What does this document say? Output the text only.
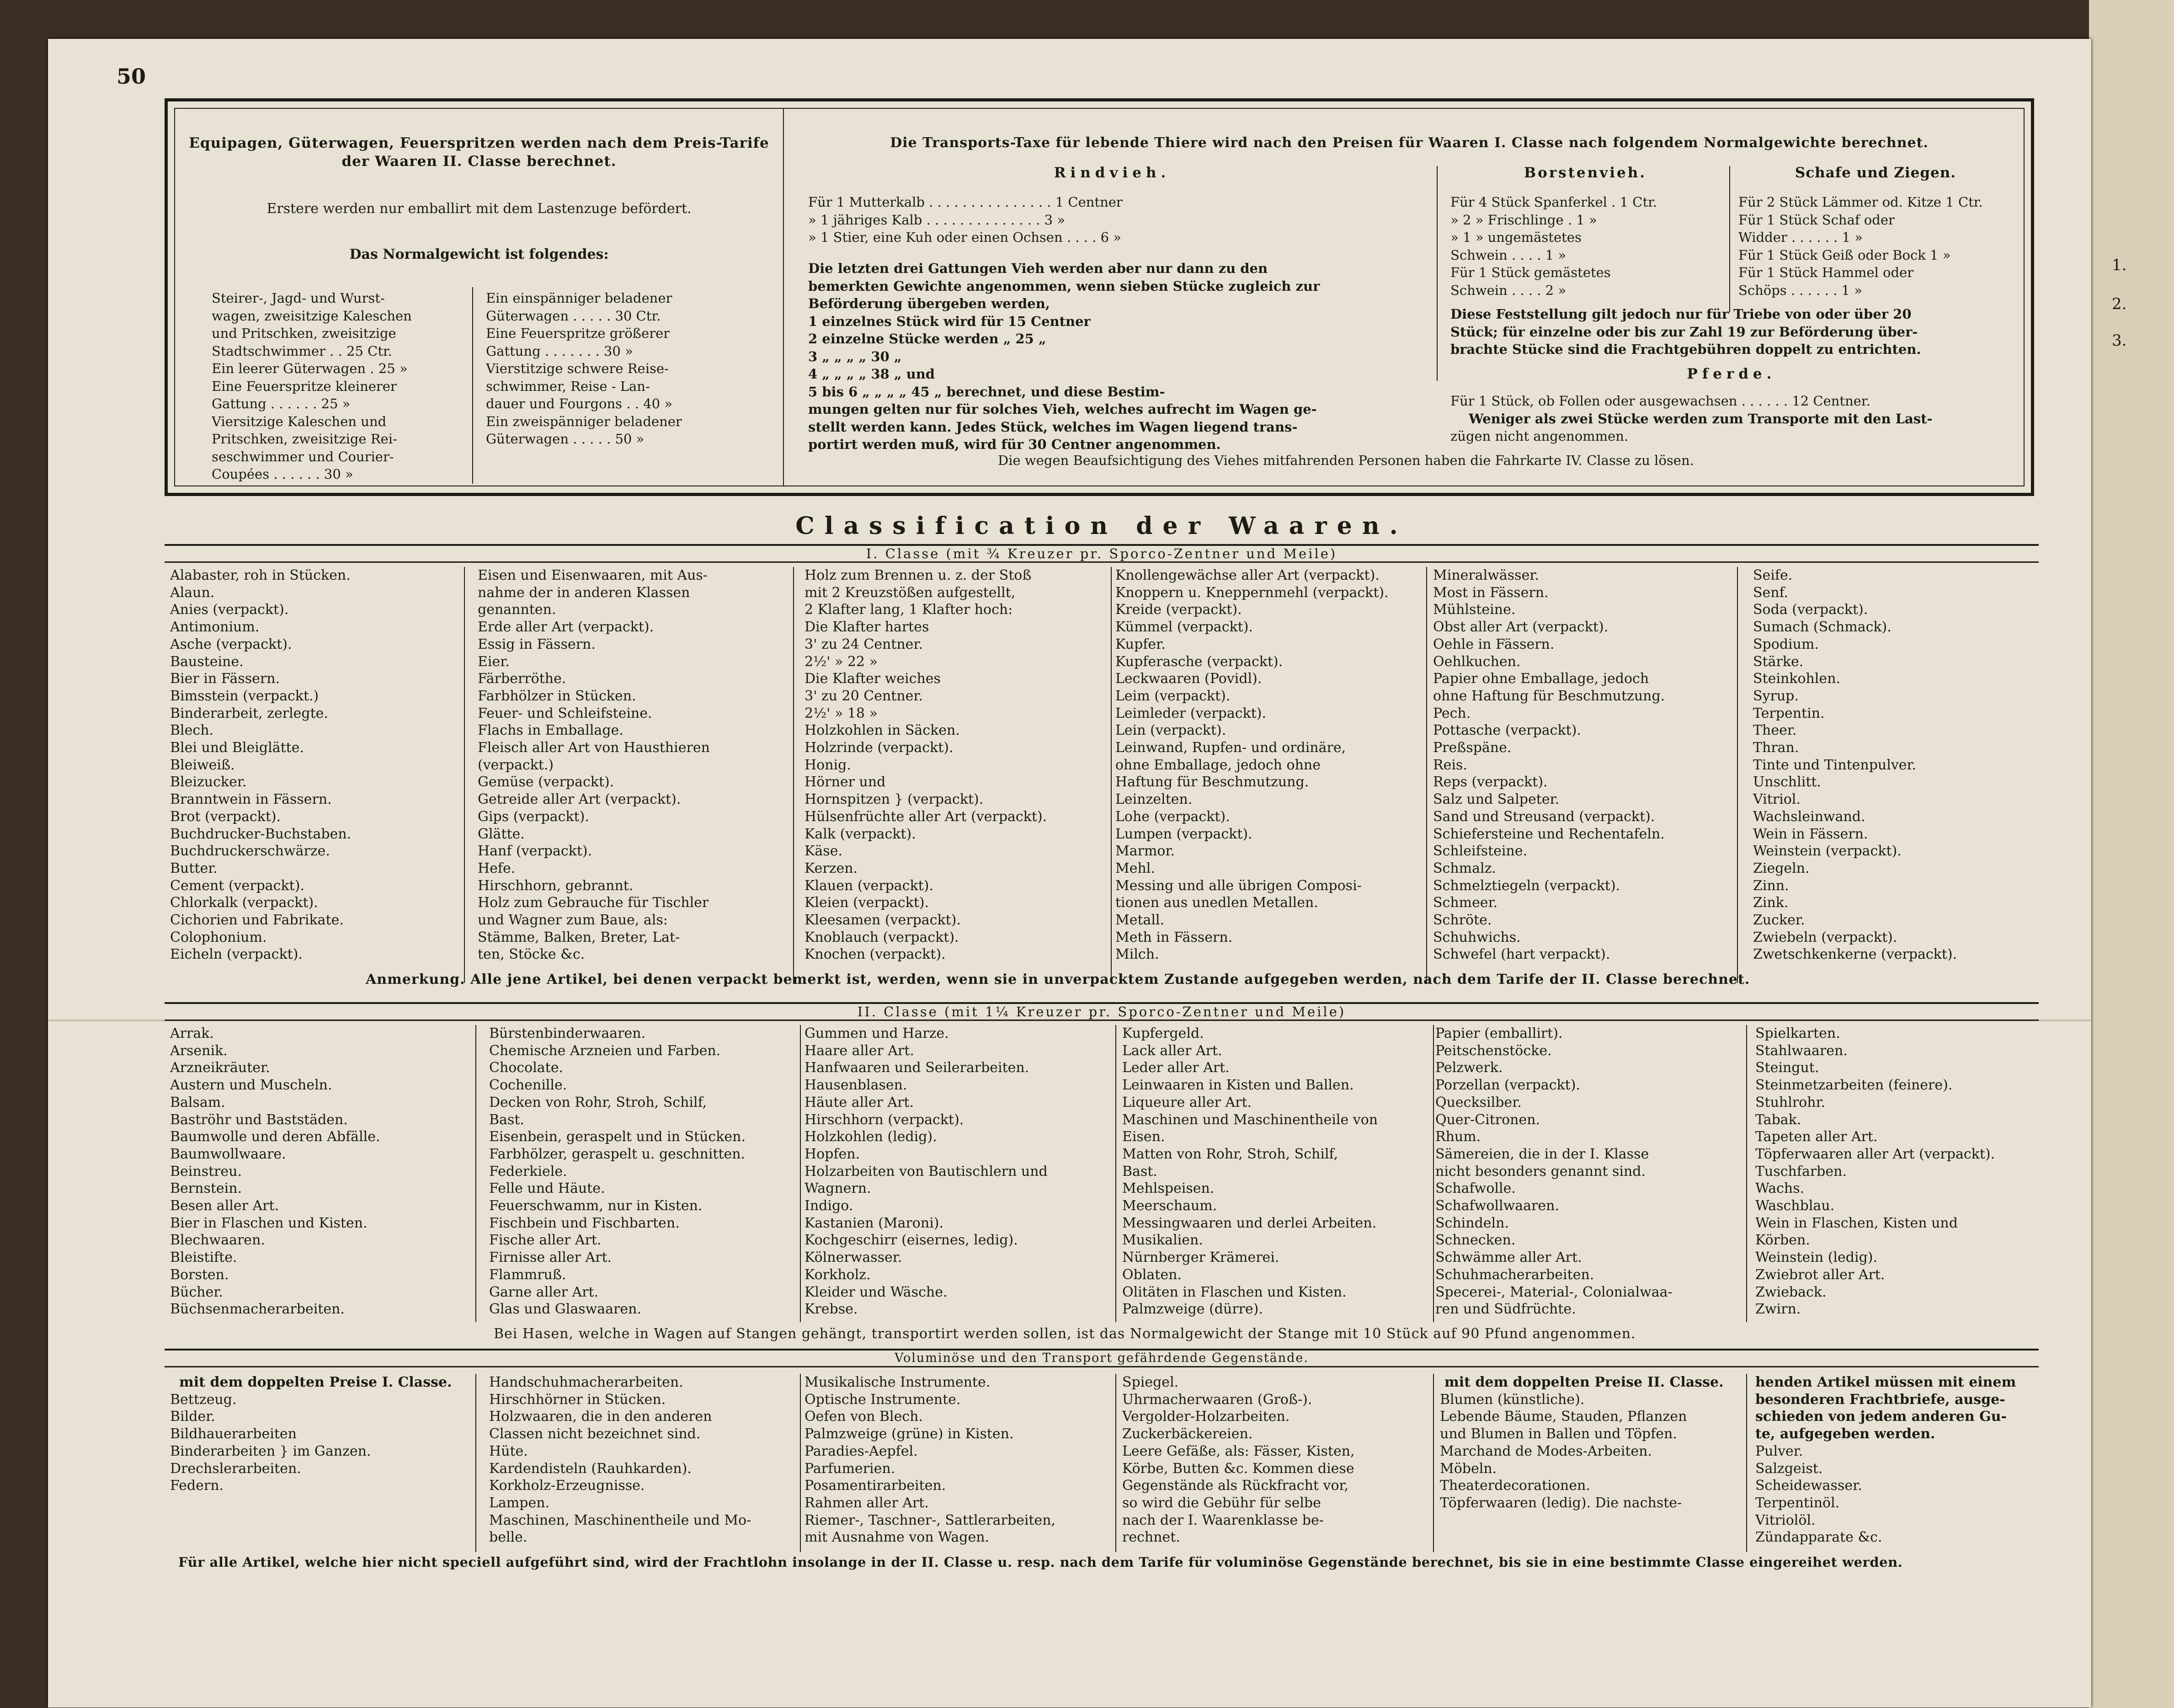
1.
2.
3.
50
Equipagen, Güterwagen, Feuerspritzen werden nach dem Preis-Tarife der Waaren II. Classe berechnet.
Erstere werden nur emballirt mit dem Lastenzuge befördert.
Das Normalgewicht ist folgendes:
Steirer-, Jagd- und Wurst-
wagen, zweisitzige Kaleschen
und Pritschken, zweisitzige
Stadtschwimmer . . 25 Ctr.
Ein leerer Güterwagen . 25 »
Eine Feuerspritze kleinerer
Gattung . . . . . . 25 »
Viersitzige Kaleschen und
Pritschken, zweisitzige Rei-
seschwimmer und Courier-
Coupées . . . . . . 30 »
Ein einspänniger beladener
Güterwagen . . . . . 30 Ctr.
Eine Feuerspritze größerer
Gattung . . . . . . . 30 »
Vierstitzige schwere Reise-
schwimmer, Reise - Lan-
dauer und Fourgons . . 40 »
Ein zweispänniger beladener
Güterwagen . . . . . 50 »
Die Transports-Taxe für lebende Thiere wird nach den Preisen für Waaren I. Classe nach folgendem Normalgewichte berechnet.
Rindvieh.
Für 1 Mutterkalb . . . . . . . . . . . . . . . 1 Centner
» 1 jähriges Kalb . . . . . . . . . . . . . . 3 »
» 1 Stier, eine Kuh oder einen Ochsen . . . . 6 »
Die letzten drei Gattungen Vieh werden aber nur dann zu den
bemerkten Gewichte angenommen, wenn sieben Stücke zugleich zur
Beförderung übergeben werden,
1 einzelnes Stück wird für 15 Centner
2 einzelne Stücke werden „ 25 „
3 „ „ „ „ 30 „
4 „ „ „ „ 38 „ und
5 bis 6 „ „ „ „ 45 „ berechnet, und diese Bestim-
mungen gelten nur für solches Vieh, welches aufrecht im Wagen ge-
stellt werden kann. Jedes Stück, welches im Wagen liegend trans-
portirt werden muß, wird für 30 Centner angenommen.
Borstenvieh.
Für 4 Stück Spanferkel . 1 Ctr.
» 2 » Frischlinge . 1 »
» 1 » ungemästetes
Schwein . . . . 1 »
Für 1 Stück gemästetes
Schwein . . . . 2 »
Schafe und Ziegen.
Für 2 Stück Lämmer od. Kitze 1 Ctr.
Für 1 Stück Schaf oder
Widder . . . . . . 1 »
Für 1 Stück Geiß oder Bock 1 »
Für 1 Stück Hammel oder
Schöps . . . . . . 1 »
Diese Feststellung gilt jedoch nur für Triebe von oder über 20
Stück; für einzelne oder bis zur Zahl 19 zur Beförderung über-
brachte Stücke sind die Frachtgebühren doppelt zu entrichten.
Pferde.
Für 1 Stück, ob Follen oder ausgewachsen . . . . . . 12 Centner.
Weniger als zwei Stücke werden zum Transporte mit den Last-
zügen nicht angenommen.
Die wegen Beaufsichtigung des Viehes mitfahrenden Personen haben die Fahrkarte IV. Classe zu lösen.
Classification der Waaren.
I. Classe (mit ¾ Kreuzer pr. Sporco-Zentner und Meile)
Alabaster, roh in Stücken.
Alaun.
Anies (verpackt).
Antimonium.
Asche (verpackt).
Bausteine.
Bier in Fässern.
Bimsstein (verpackt.)
Binderarbeit, zerlegte.
Blech.
Blei und Bleiglätte.
Bleiweiß.
Bleizucker.
Branntwein in Fässern.
Brot (verpackt).
Buchdrucker-Buchstaben.
Buchdruckerschwärze.
Butter.
Cement (verpackt).
Chlorkalk (verpackt).
Cichorien und Fabrikate.
Colophonium.
Eicheln (verpackt).
Eisen und Eisenwaaren, mit Aus-
nahme der in anderen Klassen
genannten.
Erde aller Art (verpackt).
Essig in Fässern.
Eier.
Färberröthe.
Farbhölzer in Stücken.
Feuer- und Schleifsteine.
Flachs in Emballage.
Fleisch aller Art von Hausthieren
(verpackt.)
Gemüse (verpackt).
Getreide aller Art (verpackt).
Gips (verpackt).
Glätte.
Hanf (verpackt).
Hefe.
Hirschhorn, gebrannt.
Holz zum Gebrauche für Tischler
und Wagner zum Baue, als:
Stämme, Balken, Breter, Lat-
ten, Stöcke &c.
Holz zum Brennen u. z. der Stoß
mit 2 Kreuzstößen aufgestellt,
2 Klafter lang, 1 Klafter hoch:
Die Klafter hartes
3' zu 24 Centner.
2½' » 22 »
Die Klafter weiches
3' zu 20 Centner.
2½' » 18 »
Holzkohlen in Säcken.
Holzrinde (verpackt).
Honig.
Hörner und
Hornspitzen } (verpackt).
Hülsenfrüchte aller Art (verpackt).
Kalk (verpackt).
Käse.
Kerzen.
Klauen (verpackt).
Kleien (verpackt).
Kleesamen (verpackt).
Knoblauch (verpackt).
Knochen (verpackt).
Knollengewächse aller Art (verpackt).
Knoppern u. Kneppernmehl (verpackt).
Kreide (verpackt).
Kümmel (verpackt).
Kupfer.
Kupferasche (verpackt).
Leckwaaren (Povidl).
Leim (verpackt).
Leimleder (verpackt).
Lein (verpackt).
Leinwand, Rupfen- und ordinäre,
ohne Emballage, jedoch ohne
Haftung für Beschmutzung.
Leinzelten.
Lohe (verpackt).
Lumpen (verpackt).
Marmor.
Mehl.
Messing und alle übrigen Composi-
tionen aus unedlen Metallen.
Metall.
Meth in Fässern.
Milch.
Mineralwässer.
Most in Fässern.
Mühlsteine.
Obst aller Art (verpackt).
Oehle in Fässern.
Oehlkuchen.
Papier ohne Emballage, jedoch
ohne Haftung für Beschmutzung.
Pech.
Pottasche (verpackt).
Preßspäne.
Reis.
Reps (verpackt).
Salz und Salpeter.
Sand und Streusand (verpackt).
Schiefersteine und Rechentafeln.
Schleifsteine.
Schmalz.
Schmelztiegeln (verpackt).
Schmeer.
Schröte.
Schuhwichs.
Schwefel (hart verpackt).
Seife.
Senf.
Soda (verpackt).
Sumach (Schmack).
Spodium.
Stärke.
Steinkohlen.
Syrup.
Terpentin.
Theer.
Thran.
Tinte und Tintenpulver.
Unschlitt.
Vitriol.
Wachsleinwand.
Wein in Fässern.
Weinstein (verpackt).
Ziegeln.
Zinn.
Zink.
Zucker.
Zwiebeln (verpackt).
Zwetschkenkerne (verpackt).
Anmerkung. Alle jene Artikel, bei denen verpackt bemerkt ist, werden, wenn sie in unverpacktem Zustande aufgegeben werden, nach dem Tarife der II. Classe berechnet.
II. Classe (mit 1¼ Kreuzer pr. Sporco-Zentner und Meile)
Arrak.
Arsenik.
Arzneikräuter.
Austern und Muscheln.
Balsam.
Baströhr und Baststäden.
Baumwolle und deren Abfälle.
Baumwollwaare.
Beinstreu.
Bernstein.
Besen aller Art.
Bier in Flaschen und Kisten.
Blechwaaren.
Bleistifte.
Borsten.
Bücher.
Büchsenmacherarbeiten.
Bürstenbinderwaaren.
Chemische Arzneien und Farben.
Chocolate.
Cochenille.
Decken von Rohr, Stroh, Schilf,
Bast.
Eisenbein, geraspelt und in Stücken.
Farbhölzer, geraspelt u. geschnitten.
Federkiele.
Felle und Häute.
Feuerschwamm, nur in Kisten.
Fischbein und Fischbarten.
Fische aller Art.
Firnisse aller Art.
Flammruß.
Garne aller Art.
Glas und Glaswaaren.
Gummen und Harze.
Haare aller Art.
Hanfwaaren und Seilerarbeiten.
Hausenblasen.
Häute aller Art.
Hirschhorn (verpackt).
Holzkohlen (ledig).
Hopfen.
Holzarbeiten von Bautischlern und
Wagnern.
Indigo.
Kastanien (Maroni).
Kochgeschirr (eisernes, ledig).
Kölnerwasser.
Korkholz.
Kleider und Wäsche.
Krebse.
Kupfergeld.
Lack aller Art.
Leder aller Art.
Leinwaaren in Kisten und Ballen.
Liqueure aller Art.
Maschinen und Maschinentheile von
Eisen.
Matten von Rohr, Stroh, Schilf,
Bast.
Mehlspeisen.
Meerschaum.
Messingwaaren und derlei Arbeiten.
Musikalien.
Nürnberger Krämerei.
Oblaten.
Olitäten in Flaschen und Kisten.
Palmzweige (dürre).
Papier (emballirt).
Peitschenstöcke.
Pelzwerk.
Porzellan (verpackt).
Quecksilber.
Quer-Citronen.
Rhum.
Sämereien, die in der I. Klasse
nicht besonders genannt sind.
Schafwolle.
Schafwollwaaren.
Schindeln.
Schnecken.
Schwämme aller Art.
Schuhmacherarbeiten.
Specerei-, Material-, Colonialwaa-
ren und Südfrüchte.
Spielkarten.
Stahlwaaren.
Steingut.
Steinmetzarbeiten (feinere).
Stuhlrohr.
Tabak.
Tapeten aller Art.
Töpferwaaren aller Art (verpackt).
Tuschfarben.
Wachs.
Waschblau.
Wein in Flaschen, Kisten und
Körben.
Weinstein (ledig).
Zwiebrot aller Art.
Zwieback.
Zwirn.
Bei Hasen, welche in Wagen auf Stangen gehängt, transportirt werden sollen, ist das Normalgewicht der Stange mit 10 Stück auf 90 Pfund angenommen.
Voluminöse und den Transport gefährdende Gegenstände.
mit dem doppelten Preise I. Classe.
Bettzeug.
Bilder.
Bildhauerarbeiten
Binderarbeiten } im Ganzen.
Drechslerarbeiten.
Federn.
Handschuhmacherarbeiten.
Hirschhörner in Stücken.
Holzwaaren, die in den anderen
Classen nicht bezeichnet sind.
Hüte.
Kardendisteln (Rauhkarden).
Korkholz-Erzeugnisse.
Lampen.
Maschinen, Maschinentheile und Mo-
belle.
Musikalische Instrumente.
Optische Instrumente.
Oefen von Blech.
Palmzweige (grüne) in Kisten.
Paradies-Aepfel.
Parfumerien.
Posamentirarbeiten.
Rahmen aller Art.
Riemer-, Taschner-, Sattlerarbeiten,
mit Ausnahme von Wagen.
Spiegel.
Uhrmacherwaaren (Groß-).
Vergolder-Holzarbeiten.
Zuckerbäckereien.
Leere Gefäße, als: Fässer, Kisten,
Körbe, Butten &c. Kommen diese
Gegenstände als Rückfracht vor,
so wird die Gebühr für selbe
nach der I. Waarenklasse be-
rechnet.
mit dem doppelten Preise II. Classe.
Blumen (künstliche).
Lebende Bäume, Stauden, Pflanzen
und Blumen in Ballen und Töpfen.
Marchand de Modes-Arbeiten.
Möbeln.
Theaterdecorationen.
Töpferwaaren (ledig). Die nachste-
henden Artikel müssen mit einem
besonderen Frachtbriefe, ausge-
schieden von jedem anderen Gu-
te, aufgegeben werden.
Pulver.
Salzgeist.
Scheidewasser.
Terpentinöl.
Vitriolöl.
Zündapparate &c.
Für alle Artikel, welche hier nicht speciell aufgeführt sind, wird der Frachtlohn insolange in der II. Classe u. resp. nach dem Tarife für voluminöse Gegenstände berechnet, bis sie in eine bestimmte Classe eingereihet werden.
